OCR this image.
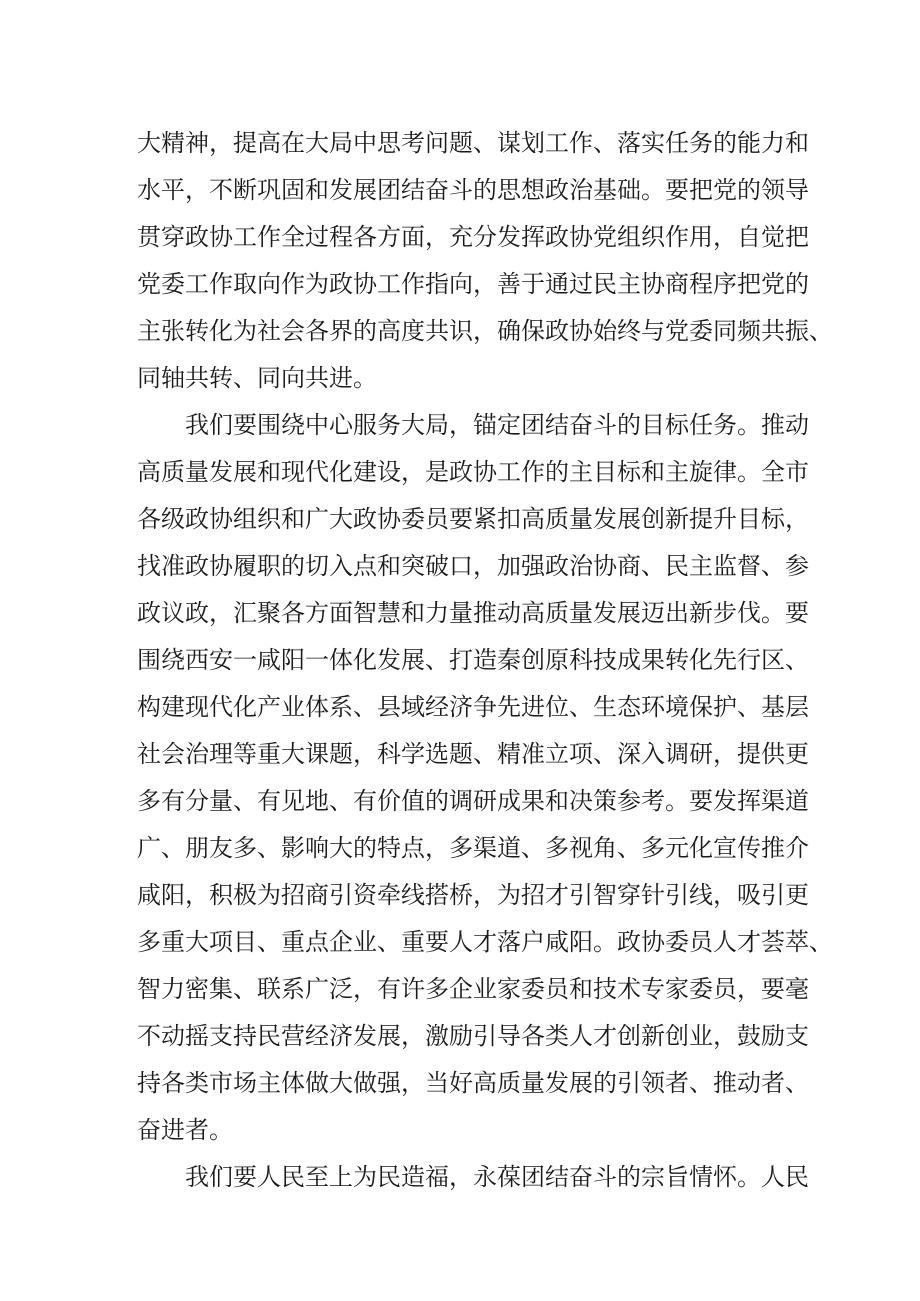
大精神，提高在大局中思考问题、谋划工作、落实任务的能力和
水平，不断巩固和发展团结奋斗的思想政治基础。要把党的领导
贯穿政协工作全过程各方面，充分发挥政协党组织作用，自觉把
党委工作取向作为政协工作指向，善于通过民主协商程序把党的
主张转化为社会各界的高度共识，确保政协始终与党委同频共振、
同轴共转、同向共进。
我们要围绕中心服务大局，锚定团结奋斗的目标任务。推动
高质量发展和现代化建设，是政协工作的主目标和主旋律。全市
各级政协组织和广大政协委员要紧扣高质量发展创新提升目标，
找准政协履职的切入点和突破口，加强政治协商、民主监督、参
政议政，汇聚各方面智慧和力量推动高质量发展迈出新步伐。要
围绕西安一咸阳一体化发展、打造秦创原科技成果转化先行区、
构建现代化产业体系、县域经济争先进位、生态环境保护、基层
社会治理等重大课题，科学选题、精准立项、深入调研，提供更
多有分量、有见地、有价值的调研成果和决策参考。要发挥渠道
广、朋友多、影响大的特点，多渠道、多视角、多元化宣传推介
咸阳，积极为招商引资牵线搭桥，为招才引智穿针引线，吸引更
多重大项目、重点企业、重要人才落户咸阳。政协委员人才荟萃、
智力密集、联系广泛，有许多企业家委员和技术专家委员，要毫
不动摇支持民营经济发展，激励引导各类人才创新创业，鼓励支
持各类市场主体做大做强，当好高质量发展的引领者、推动者、
奋进者。
我们要人民至上为民造福，永葆团结奋斗的宗旨情怀。人民
